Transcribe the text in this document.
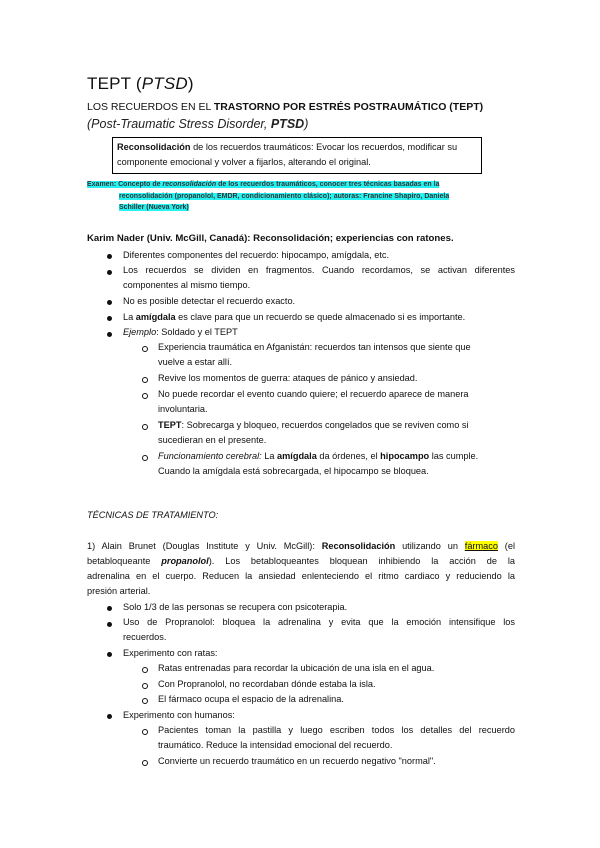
TEPT (PTSD)
LOS RECUERDOS EN EL TRASTORNO POR ESTRÉS POSTRAUMÁTICO (TEPT)
(Post-Traumatic Stress Disorder, PTSD)
Reconsolidación de los recuerdos traumáticos: Evocar los recuerdos, modificar su componente emocional y volver a fijarlos, alterando el original.
Examen: Concepto de reconsolidación de los recuerdos traumáticos, conocer tres técnicas basadas en la
reconsolidación (propanolol, EMDR, condicionamiento clásico); autoras: Francine Shapiro, Daniela
Schiller (Nueva York)
Karim Nader (Univ. McGill, Canadá): Reconsolidación; experiencias con ratones.
Diferentes componentes del recuerdo: hipocampo, amígdala, etc.
Los recuerdos se dividen en fragmentos. Cuando recordamos, se activan diferentes
componentes al mismo tiempo.
No es posible detectar el recuerdo exacto.
La amígdala es clave para que un recuerdo se quede almacenado si es importante.
Ejemplo: Soldado y el TEPT
Experiencia traumática en Afganistán: recuerdos tan intensos que siente que
vuelve a estar allí.
Revive los momentos de guerra: ataques de pánico y ansiedad.
No puede recordar el evento cuando quiere; el recuerdo aparece de manera
involuntaria.
TEPT: Sobrecarga y bloqueo, recuerdos congelados que se reviven como si
sucedieran en el presente.
Funcionamiento cerebral: La amígdala da órdenes, el hipocampo las cumple.
Cuando la amígdala está sobrecargada, el hipocampo se bloquea.
TÉCNICAS DE TRATAMIENTO:
1) Alain Brunet (Douglas Institute y Univ. McGill): Reconsolidación utilizando un fármaco (el
betabloqueante propanolol). Los betabloqueantes bloquean inhibiendo la acción de la
adrenalina en el cuerpo. Reducen la ansiedad enlenteciendo el ritmo cardiaco y reduciendo la
presión arterial.
Solo 1/3 de las personas se recupera con psicoterapia.
Uso de Propranolol: bloquea la adrenalina y evita que la emoción intensifique los
recuerdos.
Experimento con ratas:
Ratas entrenadas para recordar la ubicación de una isla en el agua.
Con Propranolol, no recordaban dónde estaba la isla.
El fármaco ocupa el espacio de la adrenalina.
Experimento con humanos:
Pacientes toman la pastilla y luego escriben todos los detalles del recuerdo
traumático. Reduce la intensidad emocional del recuerdo.
Convierte un recuerdo traumático en un recuerdo negativo "normal".
